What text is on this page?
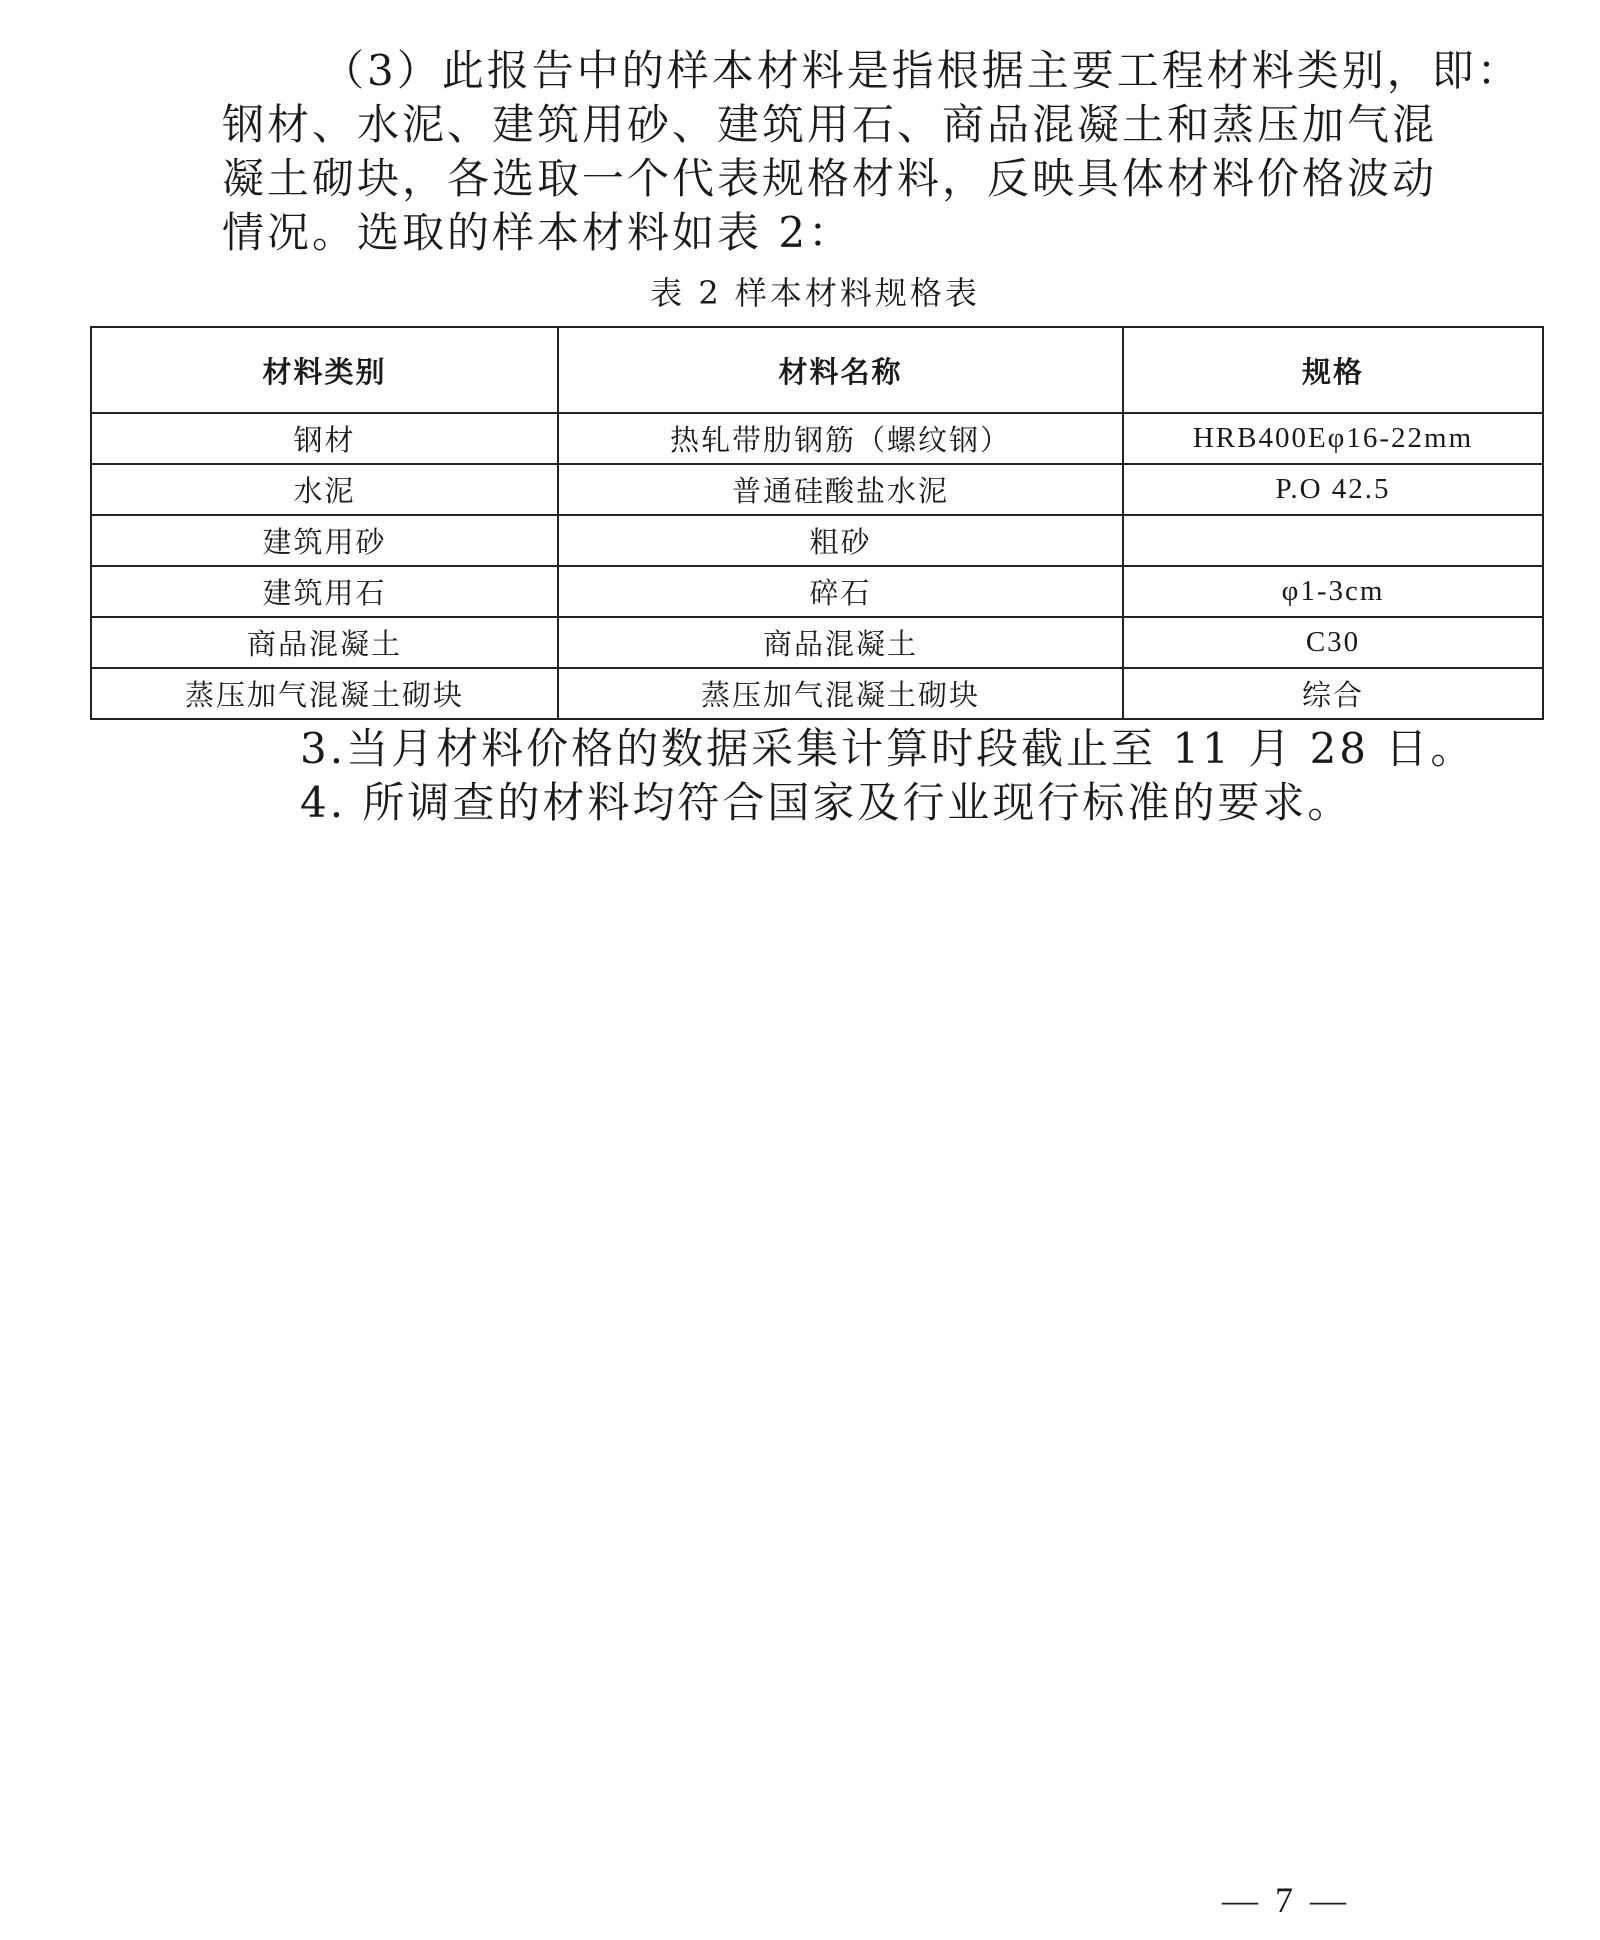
（3）此报告中的样本材料是指根据主要工程材料类别，即：
钢材、水泥、建筑用砂、建筑用石、商品混凝土和蒸压加气混
凝土砌块，各选取一个代表规格材料，反映具体材料价格波动
情况。选取的样本材料如表 2：
表 2 样本材料规格表
材料类别	材料名称	规格
钢材	热轧带肋钢筋（螺纹钢）	HRB400Eφ16-22mm
水泥	普通硅酸盐水泥	P.O 42.5
建筑用砂	粗砂	
建筑用石	碎石	φ1-3cm
商品混凝土	商品混凝土	C30
蒸压加气混凝土砌块	蒸压加气混凝土砌块	综合

3.当月材料价格的数据采集计算时段截止至 11 月 28 日。

4. 所调查的材料均符合国家及行业现行标准的要求。

— 7 —
